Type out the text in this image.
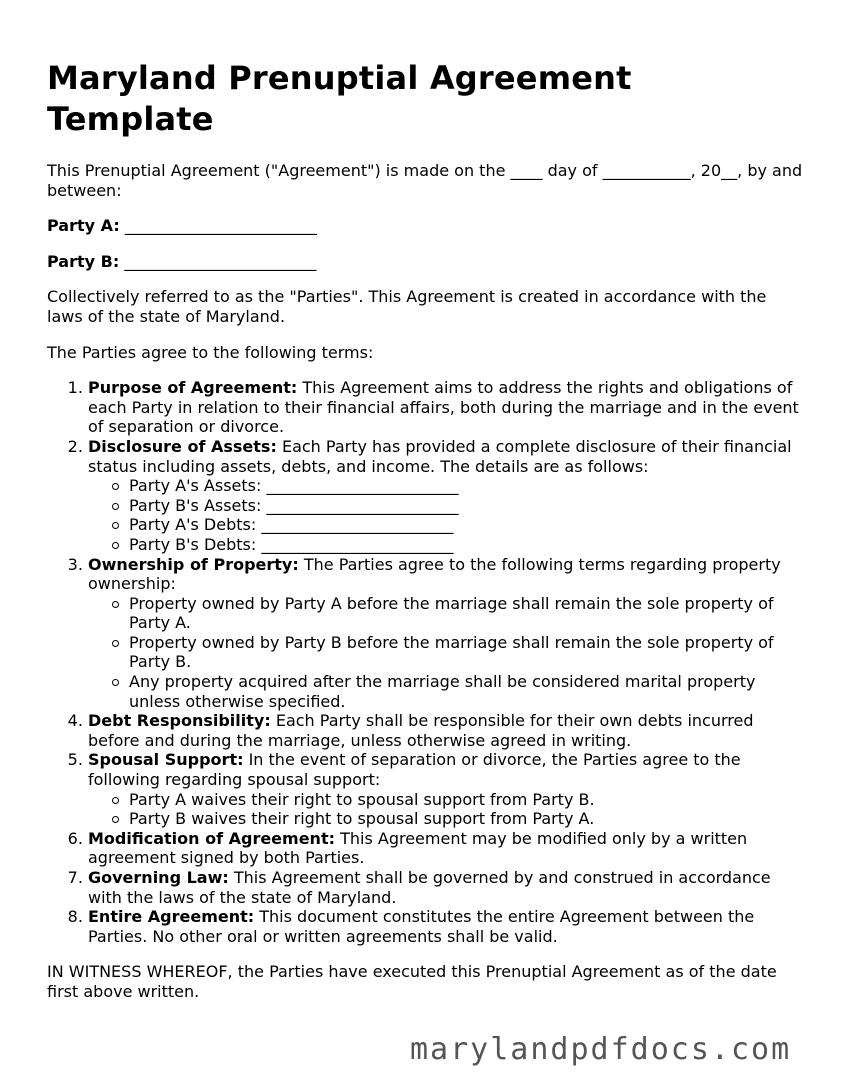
Maryland Prenuptial Agreement Template

This Prenuptial Agreement ("Agreement") is made on the ____ day of ___________, 20__, by and between:

Party A: ________________________

Party B: ________________________

Collectively referred to as the "Parties". This Agreement is created in accordance with the laws of the state of Maryland.

The Parties agree to the following terms:

1. Purpose of Agreement: This Agreement aims to address the rights and obligations of each Party in relation to their financial affairs, both during the marriage and in the event of separation or divorce.
2. Disclosure of Assets: Each Party has provided a complete disclosure of their financial status including assets, debts, and income. The details are as follows:
Party A's Assets: ________________________
Party B's Assets: ________________________
Party A's Debts: ________________________
Party B's Debts: ________________________
3. Ownership of Property: The Parties agree to the following terms regarding property ownership:
Property owned by Party A before the marriage shall remain the sole property of Party A.
Property owned by Party B before the marriage shall remain the sole property of Party B.
Any property acquired after the marriage shall be considered marital property unless otherwise specified.
4. Debt Responsibility: Each Party shall be responsible for their own debts incurred before and during the marriage, unless otherwise agreed in writing.
5. Spousal Support: In the event of separation or divorce, the Parties agree to the following regarding spousal support:
Party A waives their right to spousal support from Party B.
Party B waives their right to spousal support from Party A.
6. Modification of Agreement: This Agreement may be modified only by a written agreement signed by both Parties.
7. Governing Law: This Agreement shall be governed by and construed in accordance with the laws of the state of Maryland.
8. Entire Agreement: This document constitutes the entire Agreement between the Parties. No other oral or written agreements shall be valid.

IN WITNESS WHEREOF, the Parties have executed this Prenuptial Agreement as of the date first above written.

marylandpdfdocs.com
